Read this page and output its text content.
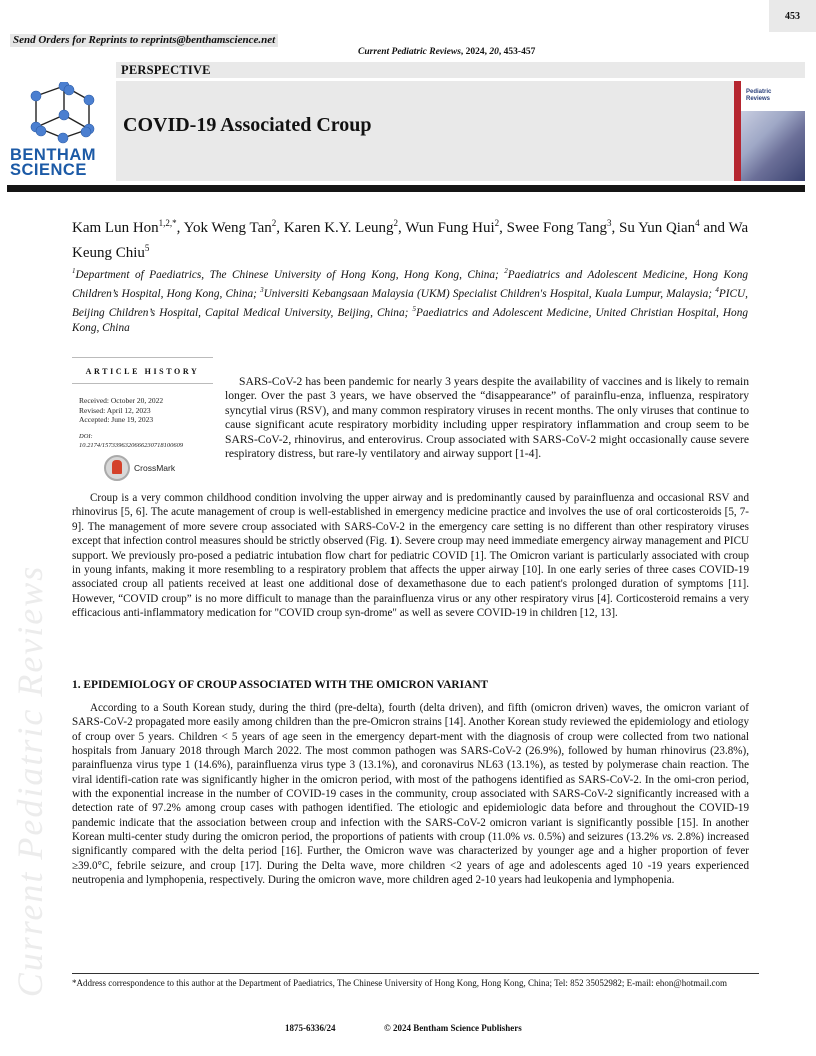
453
Send Orders for Reprints to reprints@benthamscience.net
Current Pediatric Reviews, 2024, 20, 453-457
BENTHAM
SCIENCE
PERSPECTIVE
COVID-19 Associated Croup
Pediatric
Reviews
Kam Lun Hon$^{1,2,*}$, Yok Weng Tan$^2$, Karen K.Y. Leung$^2$, Wun Fung Hui$^2$, Swee Fong Tang$^3$, Su Yun Qian$^4$ and Wa Keung Chiu$^5$
$^1$Department of Paediatrics, The Chinese University of Hong Kong, Hong Kong, China; $^2$Paediatrics and Adolescent Medicine, Hong Kong Children’s Hospital, Hong Kong, China; $^3$Universiti Kebangsaan Malaysia (UKM) Specialist Children's Hospital, Kuala Lumpur, Malaysia; $^4$PICU, Beijing Children’s Hospital, Capital Medical University, Beijing, China; $^5$Paediatrics and Adolescent Medicine, United Christian Hospital, Hong Kong, China
ARTICLE HISTORY
Received: October 20, 2022
Revised: April 12, 2023
Accepted: June 19, 2023
DOI:
10.2174/1573396320666230718100609
CrossMark

SARS-CoV-2 has been pandemic for nearly 3 years despite the availability of vaccines and is likely to remain longer. Over the past 3 years, we have observed the “disappearance” of parainflu-enza, influenza, respiratory syncytial virus (RSV), and many common respiratory viruses in recent months. The only viruses that continue to cause significant acute respiratory morbidity including upper respiratory inflammation and croup seem to be SARS-CoV-2, rhinovirus, and enterovirus. Croup associated with SARS-CoV-2 might occasionally cause severe respiratory distress, but rare-ly ventilatory and airway support [1-4].

Croup is a very common childhood condition involving the upper airway and is predominantly caused by parainfluenza and occasional RSV and rhinovirus [5, 6]. The acute management of croup is well-established in emergency medicine practice and involves the use of oral corticosteroids [5, 7-9]. The management of more severe croup associated with SARS-CoV-2 in the emergency care setting is no different than other respiratory viruses except that infection control measures should be strictly observed (Fig. 1). Severe croup may need immediate emergency airway management and PICU support. We previously pro-posed a pediatric intubation flow chart for pediatric COVID [1]. The Omicron variant is particularly associated with croup in young infants, making it more resembling to a respiratory problem that affects the upper airway [10]. In one early series of three cases COVID-19 associated croup all patients received at least one additional dose of dexamethasone due to each patient's prolonged duration of symptoms [11]. However, “COVID croup” is no more difficult to manage than the parainfluenza virus or any other respiratory virus [4]. Corticosteroid remains a very efficacious anti-inflammatory medication for "COVID croup syn-drome" as well as severe COVID-19 in children [12, 13].

1. EPIDEMIOLOGY OF CROUP ASSOCIATED WITH THE OMICRON VARIANT

According to a South Korean study, during the third (pre-delta), fourth (delta driven), and fifth (omicron driven) waves, the omicron variant of SARS-CoV-2 propagated more easily among children than the pre-Omicron strains [14]. Another Korean study reviewed the epidemiology and etiology of croup over 5 years. Children < 5 years of age seen in the emergency depart-ment with the diagnosis of croup were collected from two national hospitals from January 2018 through March 2022. The most common pathogen was SARS-CoV-2 (26.9%), followed by human rhinovirus (23.8%), parainfluenza virus type 1 (14.6%), parainfluenza virus type 3 (13.1%), and coronavirus NL63 (13.1%), as tested by polymerase chain reaction. The viral identifi-cation rate was significantly higher in the omicron period, with most of the pathogens identified as SARS-CoV-2. In the omi-cron period, with the exponential increase in the number of COVID-19 cases in the community, croup associated with SARS-CoV-2 significantly increased with a detection rate of 97.2% among croup cases with pathogen identified. The etiologic and epidemiologic data before and throughout the COVID-19 pandemic indicate that the association between croup and infection with the SARS-CoV-2 omicron variant is significantly possible [15]. In another Korean multi-center study during the omicron period, the proportions of patients with croup (11.0% vs. 0.5%) and seizures (13.2% vs. 2.8%) increased significantly compared with the delta period [16]. Further, the Omicron wave was characterized by younger age and a higher proportion of fever ≥39.0°C, febrile seizure, and croup [17]. During the Delta wave, more children <2 years of age and adolescents aged 10 -19 years experienced neutropenia and lymphopenia, respectively. During the omicron wave, more children aged 2-10 years had leukopenia and lymphopenia.

Current Pediatric Reviews *Address correspondence to this author at the Department of Paediatrics, The Chinese University of Hong Kong, Hong Kong, China; Tel: 852 35052982; E-mail: ehon@hotmail.com
1875-6336/24	© 2024 Bentham Science Publishers
